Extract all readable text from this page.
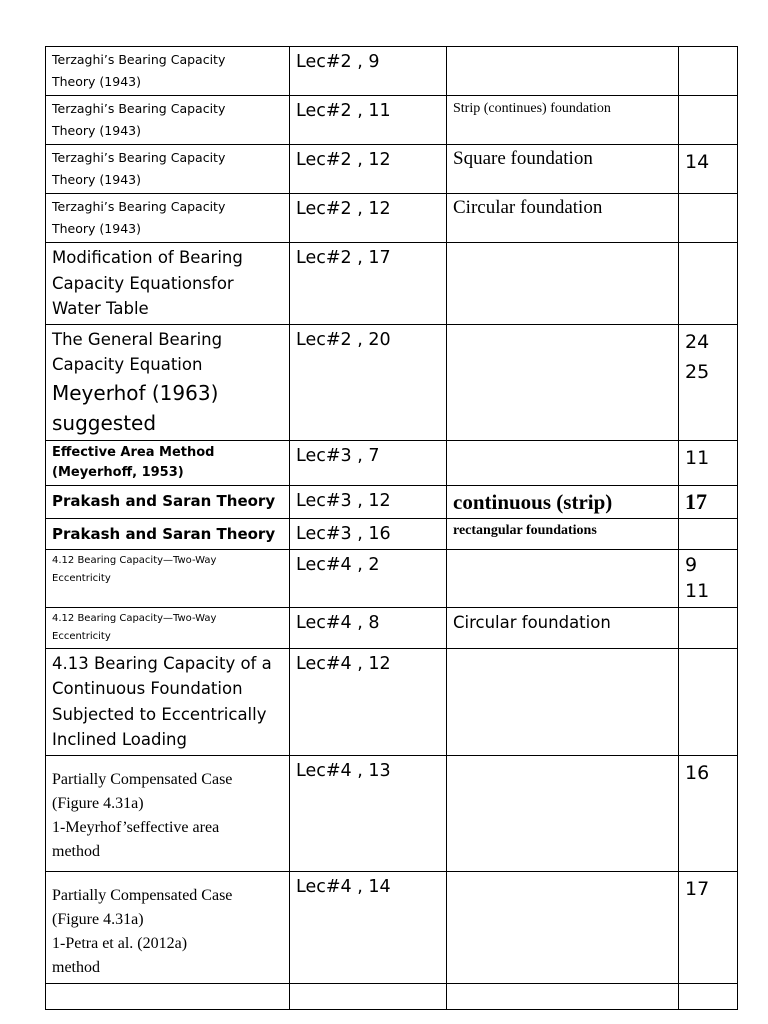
Terzaghi’s Bearing Capacity
Theory (1943)	Lec#2 , 9		

Terzaghi’s Bearing Capacity
Theory (1943)	Lec#2 , 11	Strip (continues) foundation	

Terzaghi’s Bearing Capacity
Theory (1943)	Lec#2 , 12	Square foundation	14

Terzaghi’s Bearing Capacity
Theory (1943)	Lec#2 , 12	Circular foundation	

Modification of Bearing
Capacity Equationsfor
Water Table	Lec#2 , 17		

The General Bearing
Capacity Equation
Meyerhof (1963)
suggested	Lec#2 , 20		24
25

Effective Area Method
(Meyerhoff, 1953)	Lec#3 , 7		11

Prakash and Saran Theory	Lec#3 , 12	continuous (strip)	17
Prakash and Saran Theory	Lec#3 , 16	rectangular foundations	

4.12 Bearing Capacity—Two-Way
Eccentricity	Lec#4 , 2		9
11

4.12 Bearing Capacity—Two-Way
Eccentricity	Lec#4 , 8	Circular foundation	

4.13 Bearing Capacity of a
Continuous Foundation
Subjected to Eccentrically
Inclined Loading	Lec#4 , 12		

Partially Compensated Case
(Figure 4.31a)
1-Meyrhof’seffective area
method	Lec#4 , 13		16

Partially Compensated Case
(Figure 4.31a)
1-Petra et al. (2012a)
method	Lec#4 , 14		17
